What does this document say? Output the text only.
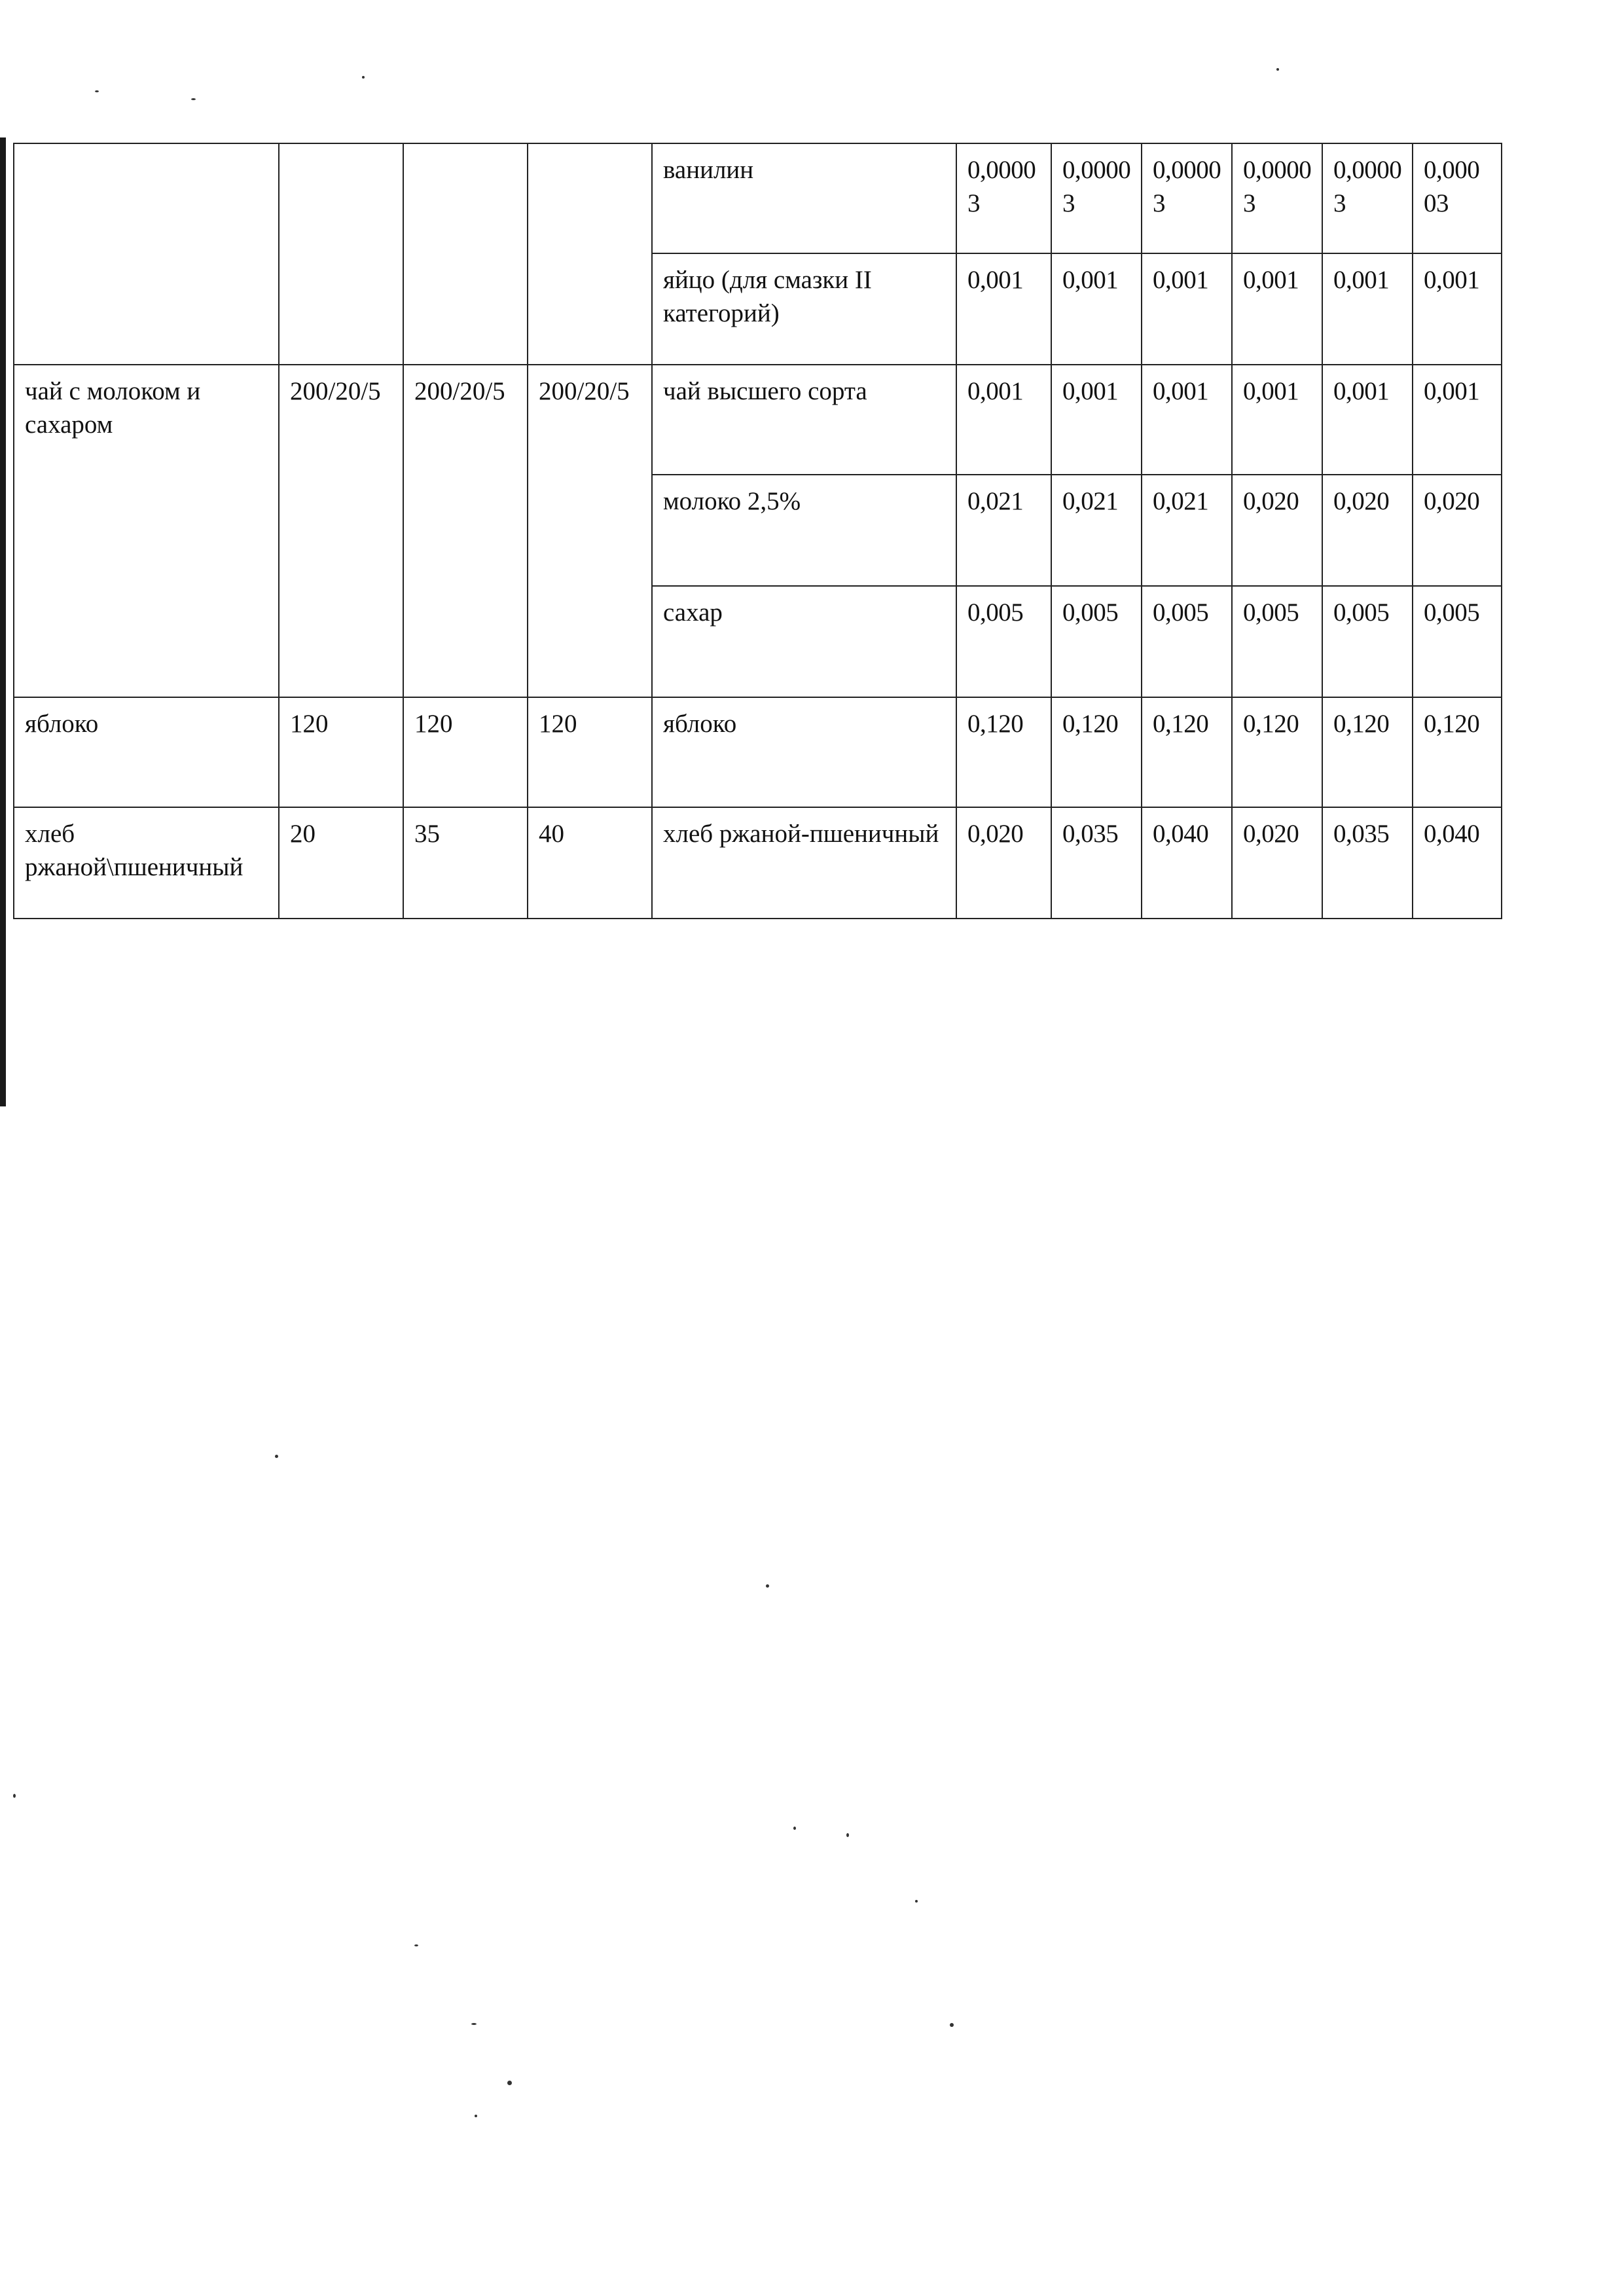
				ванилин	0,00003	0,00003	0,00003	0,00003	0,00003	0,00003
				яйцо (для смазки II категорий)	0,001	0,001	0,001	0,001	0,001	0,001
чай с молоком и сахаром	200/20/5	200/20/5	200/20/5	чай высшего сорта	0,001	0,001	0,001	0,001	0,001	0,001
				молоко 2,5%	0,021	0,021	0,021	0,020	0,020	0,020
				сахар	0,005	0,005	0,005	0,005	0,005	0,005
яблоко	120	120	120	яблоко	0,120	0,120	0,120	0,120	0,120	0,120
хлеб ржаной\пшеничный	20	35	40	хлеб ржаной-пшеничный	0,020	0,035	0,040	0,020	0,035	0,040
